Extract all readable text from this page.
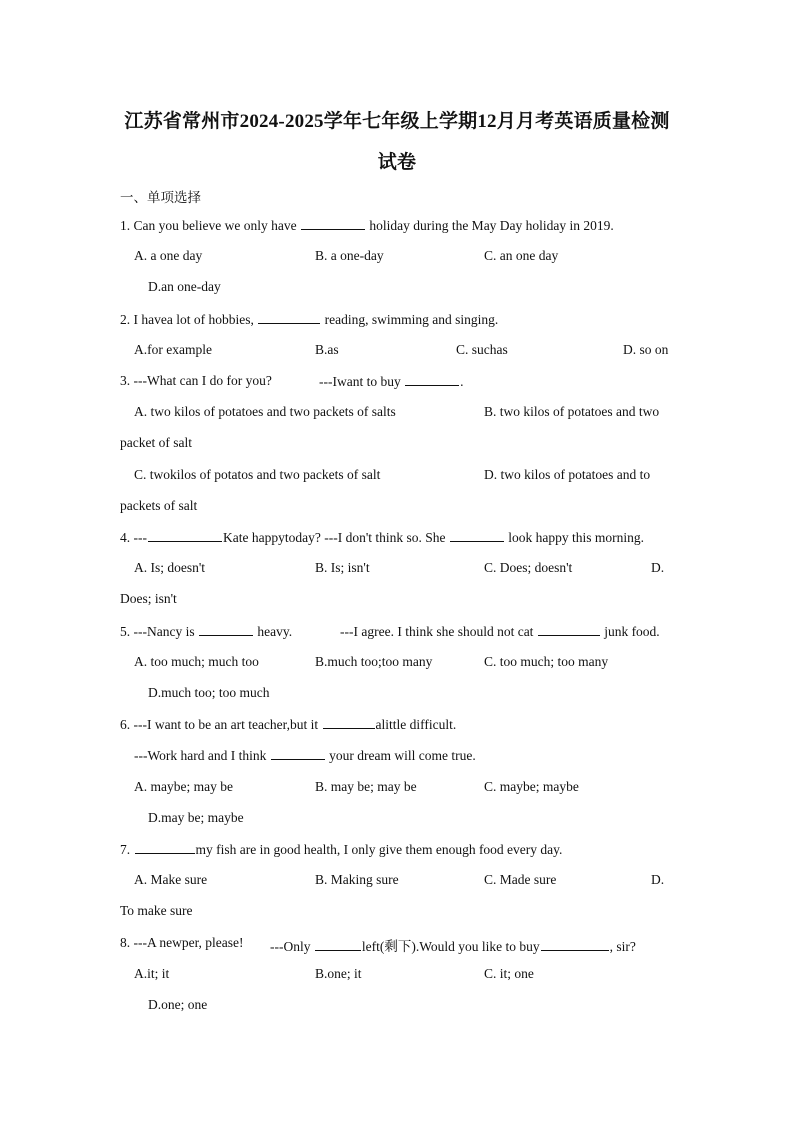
江苏省常州市2024-2025学年七年级上学期12月月考英语质量检测
试卷
一、单项选择
1. Can you believe we only have	holiday during the May Day holiday in 2019.
A. a one day	B. a one-day	C. an one day
D.an one-day
2. I havea lot of hobbies,	reading, swimming and singing.
A.for example	B.as	C. suchas	D. so on
3. ---What can I do for you?	---Iwant to buy	.
A. two kilos of potatoes and two packets of salts	B. two kilos of potatoes and two
packet of salt
C. twokilos of potatos and two packets of salt	D. two kilos of potatoes and to
packets of salt
4. ---	Kate happytoday? ---I don't think so. She	look happy this morning.
A. Is; doesn't	B. Is; isn't	C. Does; doesn't	D.
Does; isn't
5. ---Nancy is	heavy.	---I agree. I think she should not cat	junk food.
A. too much; much too	B.much too;too many	C. too much; too many
D.much too; too much
6. ---I want to be an art teacher,but it	alittle difficult.
---Work hard and I think	your dream will come true.
A. maybe; may be	B. may be; may be	C. maybe; maybe
D.may be; maybe
7.	my fish are in good health, I only give them enough food every day.
A. Make sure	B. Making sure	C. Made sure	D.
To make sure
8. ---A newper, please! ---Only	left(剩下).Would you like to buy	, sir?
A.it; it	B.one; it	C. it; one
D.one; one
